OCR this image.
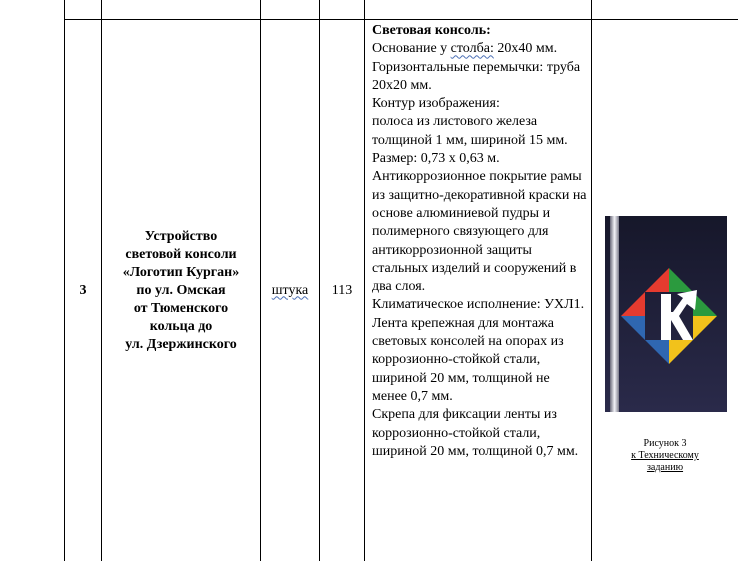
3
Устройство
световой консоли
«Логотип Курган»
по ул. Омская
от Тюменского
кольца до
ул. Дзержинского
штука 113

Световая консоль:

Основание у столба: 20x40 мм.

Горизонтальные перемычки: труба 20x20 мм.

Контур изображения:

полоса из листового железа толщиной 1 мм, шириной 15 мм.

Размер: 0,73 х 0,63 м.

Антикоррозионное покрытие рамы из защитно-декоративной краски на основе алюминиевой пудры и полимерного связующего для антикоррозионной защиты стальных изделий и сооружений в два слоя.

Климатическое исполнение: УХЛ1.

Лента крепежная для монтажа световых консолей на опорах из коррозионно-стойкой стали, шириной 20 мм, толщиной не менее 0,7 мм.

Скрепа для фиксации ленты из коррозионно-стойкой стали, шириной 20 мм, толщиной 0,7 мм.

Рисунок 3
к Техническому
заданию
